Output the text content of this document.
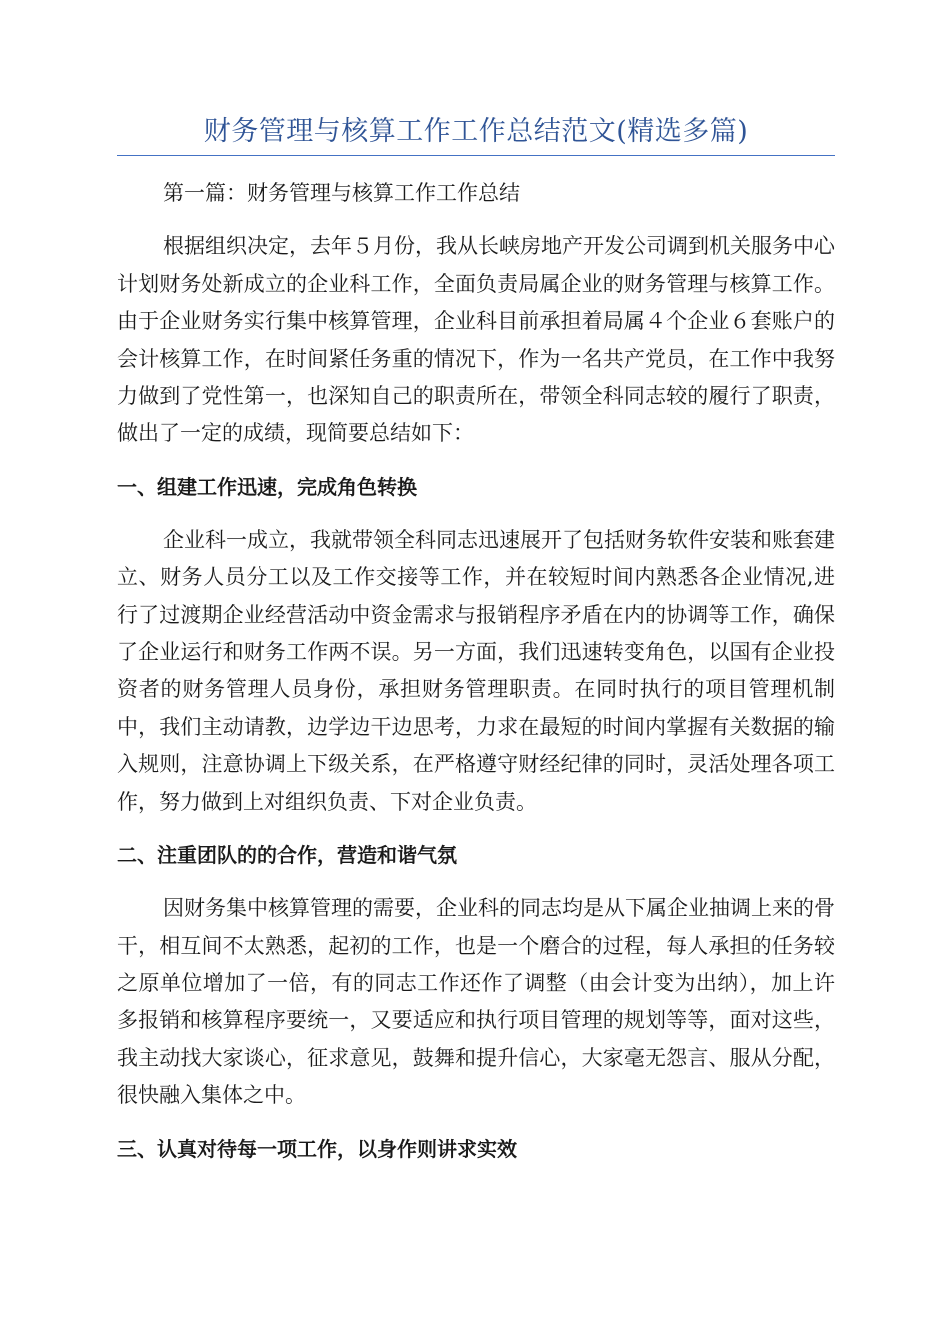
财务管理与核算工作工作总结范文(精选多篇)

第一篇：财务管理与核算工作工作总结

根据组织决定，去年５月份，我从长峡房地产开发公司调到机关服务中心计划财务处新成立的企业科工作，全面负责局属企业的财务管理与核算工作。由于企业财务实行集中核算管理，企业科目前承担着局属４个企业６套账户的会计核算工作，在时间紧任务重的情况下，作为一名共产党员，在工作中我努力做到了党性第一，也深知自己的职责所在，带领全科同志较的履行了职责，做出了一定的成绩，现简要总结如下：

一、组建工作迅速，完成角色转换

企业科一成立，我就带领全科同志迅速展开了包括财务软件安装和账套建立、财务人员分工以及工作交接等工作，并在较短时间内熟悉各企业情况,进行了过渡期企业经营活动中资金需求与报销程序矛盾在内的协调等工作，确保了企业运行和财务工作两不误。另一方面，我们迅速转变角色，以国有企业投资者的财务管理人员身份，承担财务管理职责。在同时执行的项目管理机制中，我们主动请教，边学边干边思考，力求在最短的时间内掌握有关数据的输入规则，注意协调上下级关系，在严格遵守财经纪律的同时，灵活处理各项工作，努力做到上对组织负责、下对企业负责。

二、注重团队的的合作，营造和谐气氛

因财务集中核算管理的需要，企业科的同志均是从下属企业抽调上来的骨干，相互间不太熟悉，起初的工作，也是一个磨合的过程，每人承担的任务较之原单位增加了一倍，有的同志工作还作了调整（由会计变为出纳），加上许多报销和核算程序要统一，又要适应和执行项目管理的规划等等，面对这些，我主动找大家谈心，征求意见，鼓舞和提升信心，大家毫无怨言、服从分配，很快融入集体之中。

三、认真对待每一项工作，以身作则讲求实效
